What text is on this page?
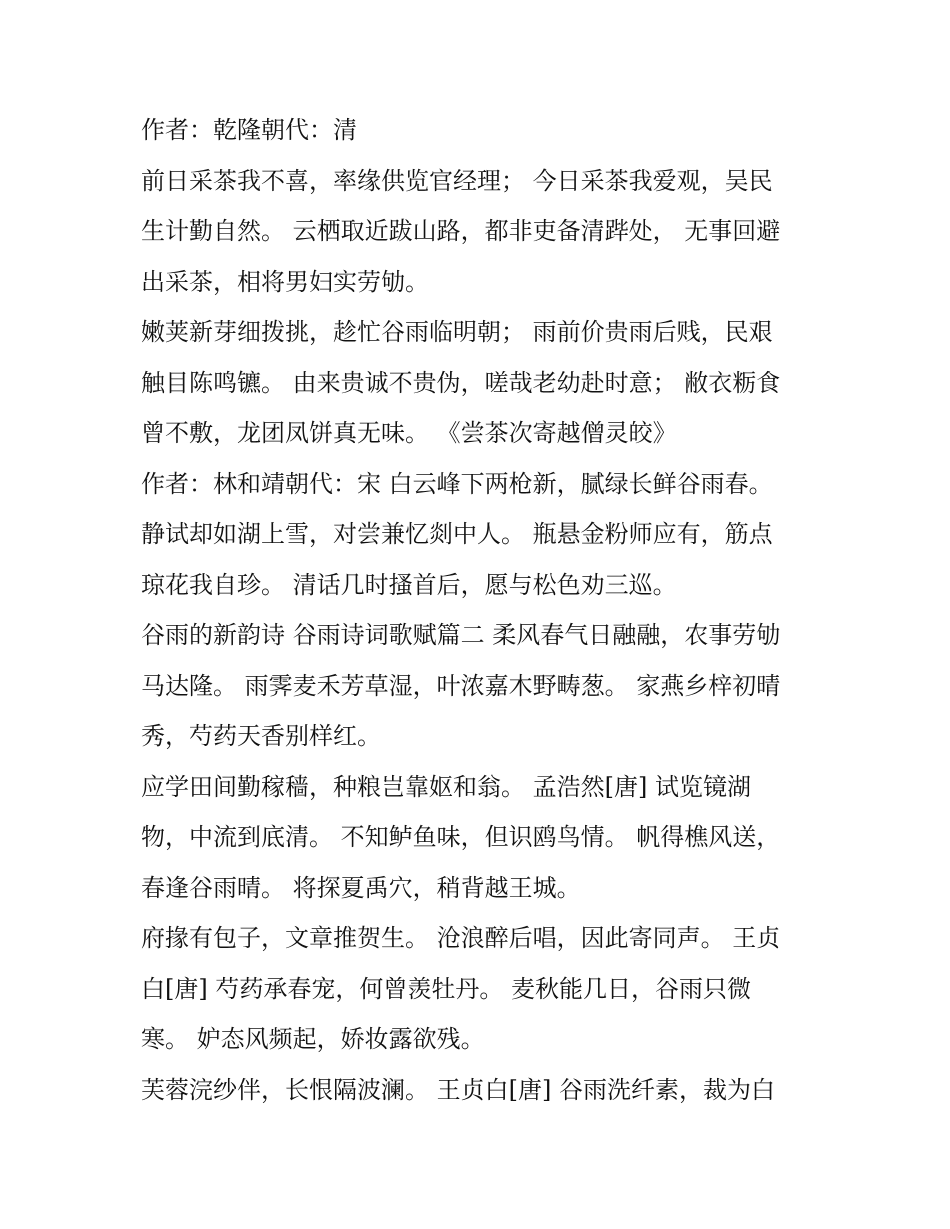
作者：乾隆朝代：清
前日采茶我不喜，率缘供览官经理； 今日采茶我爱观，吴民
生计勤自然。 云栖取近跋山路，都非吏备清跸处， 无事回避
出采茶，相将男妇实劳劬。
嫩荚新芽细拨挑，趁忙谷雨临明朝； 雨前价贵雨后贱，民艰
触目陈鸣镳。 由来贵诚不贵伪，嗟哉老幼赴时意； 敝衣粝食
曾不敷，龙团凤饼真无味。 《尝茶次寄越僧灵皎》
作者：林和靖朝代：宋 白云峰下两枪新，腻绿长鲜谷雨春。
静试却如湖上雪，对尝兼忆剡中人。 瓶悬金粉师应有，筋点
琼花我自珍。 清话几时搔首后，愿与松色劝三巡。
谷雨的新韵诗 谷雨诗词歌赋篇二 柔风春气日融融，农事劳劬
马达隆。 雨霁麦禾芳草湿，叶浓嘉木野畴葱。 家燕乡梓初晴
秀，芍药天香别样红。
应学田间勤稼穑，种粮岂靠妪和翁。 孟浩然[唐] 试览镜湖
物，中流到底清。 不知鲈鱼味，但识鸥鸟情。 帆得樵风送，
春逢谷雨晴。 将探夏禹穴，稍背越王城。
府掾有包子，文章推贺生。 沧浪醉后唱，因此寄同声。 王贞
白[唐] 芍药承春宠，何曾羡牡丹。 麦秋能几日，谷雨只微
寒。 妒态风频起，娇妆露欲残。
芙蓉浣纱伴，长恨隔波澜。 王贞白[唐] 谷雨洗纤素，裁为白
